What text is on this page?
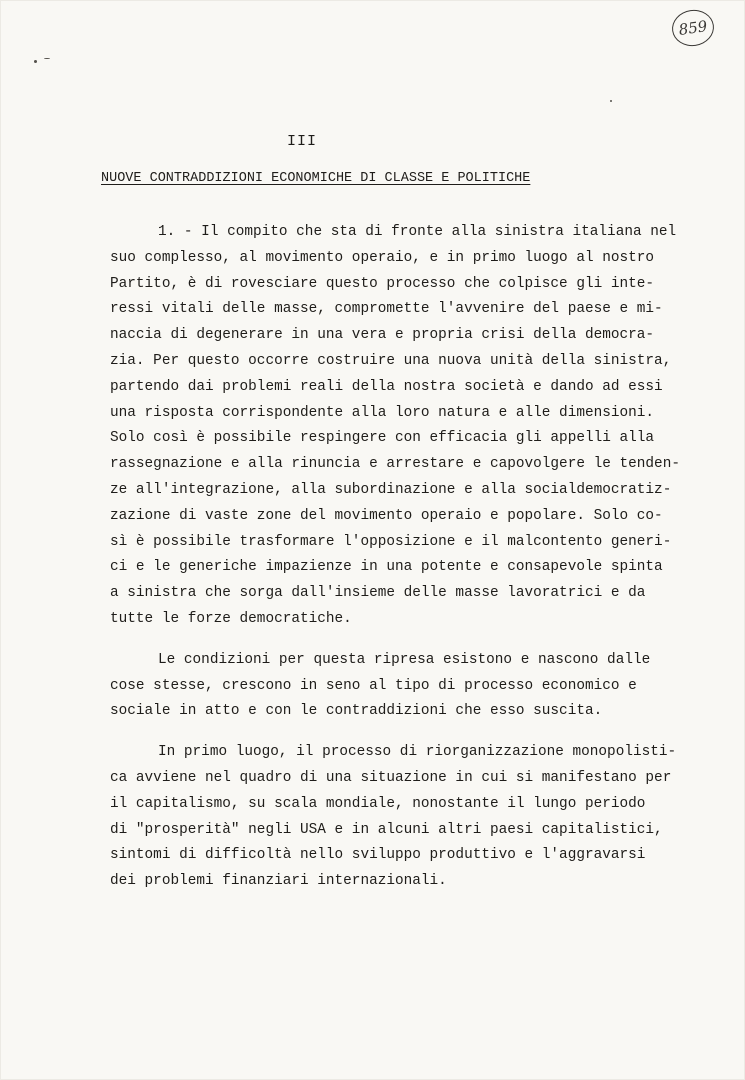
859
III
NUOVE CONTRADDIZIONI ECONOMICHE DI CLASSE E POLITICHE
1. - Il compito che sta di fronte alla sinistra italiana nel
suo complesso, al movimento operaio, e in primo luogo al nostro
Partito, è di rovesciare questo processo che colpisce gli inte-
ressi vitali delle masse, compromette l'avvenire del paese e mi-
naccia di degenerare in una vera e propria crisi della democra-
zia. Per questo occorre costruire una nuova unità della sinistra,
partendo dai problemi reali della nostra società e dando ad essi
una risposta corrispondente alla loro natura e alle dimensioni.
Solo così è possibile respingere con efficacia gli appelli alla
rassegnazione e alla rinuncia e arrestare e capovolgere le tenden-
ze all'integrazione, alla subordinazione e alla socialdemocratiz-
zazione di vaste zone del movimento operaio e popolare. Solo co-
sì è possibile trasformare l'opposizione e il malcontento generi-
ci e le generiche impazienze in una potente e consapevole spinta
a sinistra che sorga dall'insieme delle masse lavoratrici e da
tutte le forze democratiche.
Le condizioni per questa ripresa esistono e nascono dalle
cose stesse, crescono in seno al tipo di processo economico e
sociale in atto e con le contraddizioni che esso suscita.
In primo luogo, il processo di riorganizzazione monopolisti-
ca avviene nel quadro di una situazione in cui si manifestano per
il capitalismo, su scala mondiale, nonostante il lungo periodo
di "prosperità" negli USA e in alcuni altri paesi capitalistici,
sintomi di difficoltà nello sviluppo produttivo e l'aggravarsi
dei problemi finanziari internazionali.
